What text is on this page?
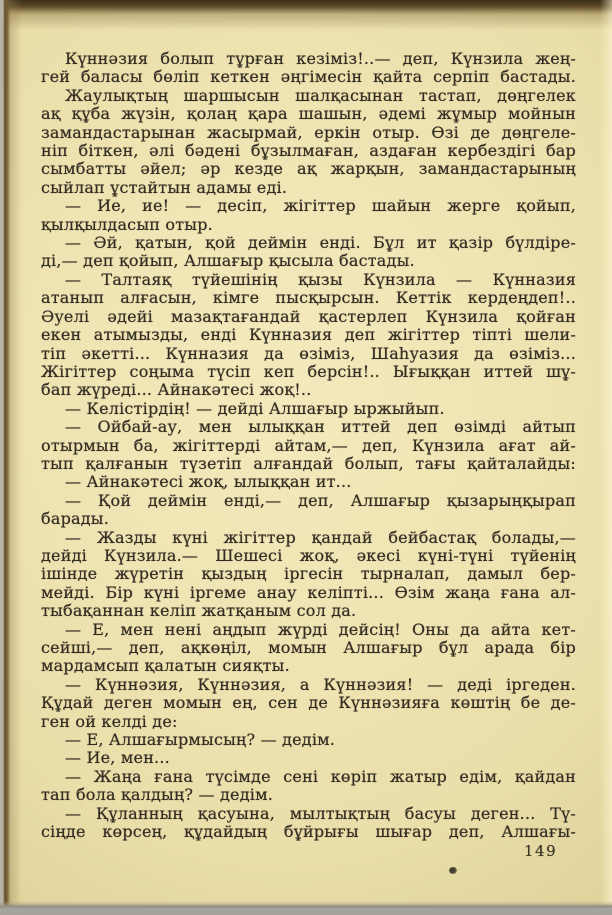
Күннәзия болып тұрған кезіміз!..— деп, Күнзила жең-
гей баласы бөліп кеткен әңгімесін қайта серпіп бастады.
Жаулықтың шаршысын шалқасынан тастап, дөңгелек
ақ құба жүзін, қолаң қара шашын, әдемі жұмыр мойнын
замандастарынан жасырмай, еркін отыр. Өзі де дөңгеле-
ніп біткен, әлі бәдені бұзылмаған, аздаған кербездігі бар
сымбатты әйел; әр кезде ақ жарқын, замандастарының
сыйлап ұстайтын адамы еді.
— Ие, ие! — десіп, жігіттер шайын жерге қойып,
қылқылдасып отыр.
— Әй, қатын, қой деймін енді. Бұл ит қазір бүлдіре-
ді,— деп қойып, Алшағыр қысыла бастады.
— Талтаяқ түйешінің қызы Күнзила — Күнназия
атанып алғасын, кімге пысқырсын. Кеттік кердеңдеп!..
Әуелі әдейі мазақтағандай қастерлеп Күнзила қойған
екен атымызды, енді Күнназия деп жігіттер тіпті шели-
тіп әкетті... Күнназия да өзіміз, Шаһуазия да өзіміз...
Жігіттер соңыма түсіп кеп берсін!.. Ығыққан иттей шұ-
бап жүреді... Айнакәтесі жоқ!..
— Келістірдің! — дейді Алшағыр ыржыйып.
— Ойбай-ау, мен ылыққан иттей деп өзімді айтып
отырмын ба, жігіттерді айтам,— деп, Күнзила ағат ай-
тып қалғанын түзетіп алғандай болып, тағы қайталайды:
— Айнакәтесі жоқ, ылыққан ит...
— Қой деймін енді,— деп, Алшағыр қызарыңқырап
барады.
— Жазды күні жігіттер қандай бейбастақ болады,—
дейді Күнзила.— Шешесі жоқ, әкесі күні-түні түйенің
ішінде жүретін қыздың іргесін тырналап, дамыл бер-
мейді. Бір күні іргеме анау келіпті... Өзім жаңа ғана ал-
тыбақаннан келіп жатқаным сол да.
— Е, мен нені аңдып жүрді дейсің! Оны да айта кет-
сейші,— деп, ақкөңіл, момын Алшағыр бұл арада бір
мардамсып қалатын сияқты.
— Күннәзия, Күннәзия, а Күннәзия! — деді іргеден.
Құдай деген момын ең, сен де Күннәзияға көштің бе де-
ген ой келді де:
— Е, Алшағырмысың? — дедім.
— Ие, мен...
— Жаңа ғана түсімде сені көріп жатыр едім, қайдан
тап бола қалдың? — дедім.
— Құланның қасуына, мылтықтың басуы деген... Тү-
сіңде көрсең, құдайдың бұйрығы шығар деп, Алшағы-
149
